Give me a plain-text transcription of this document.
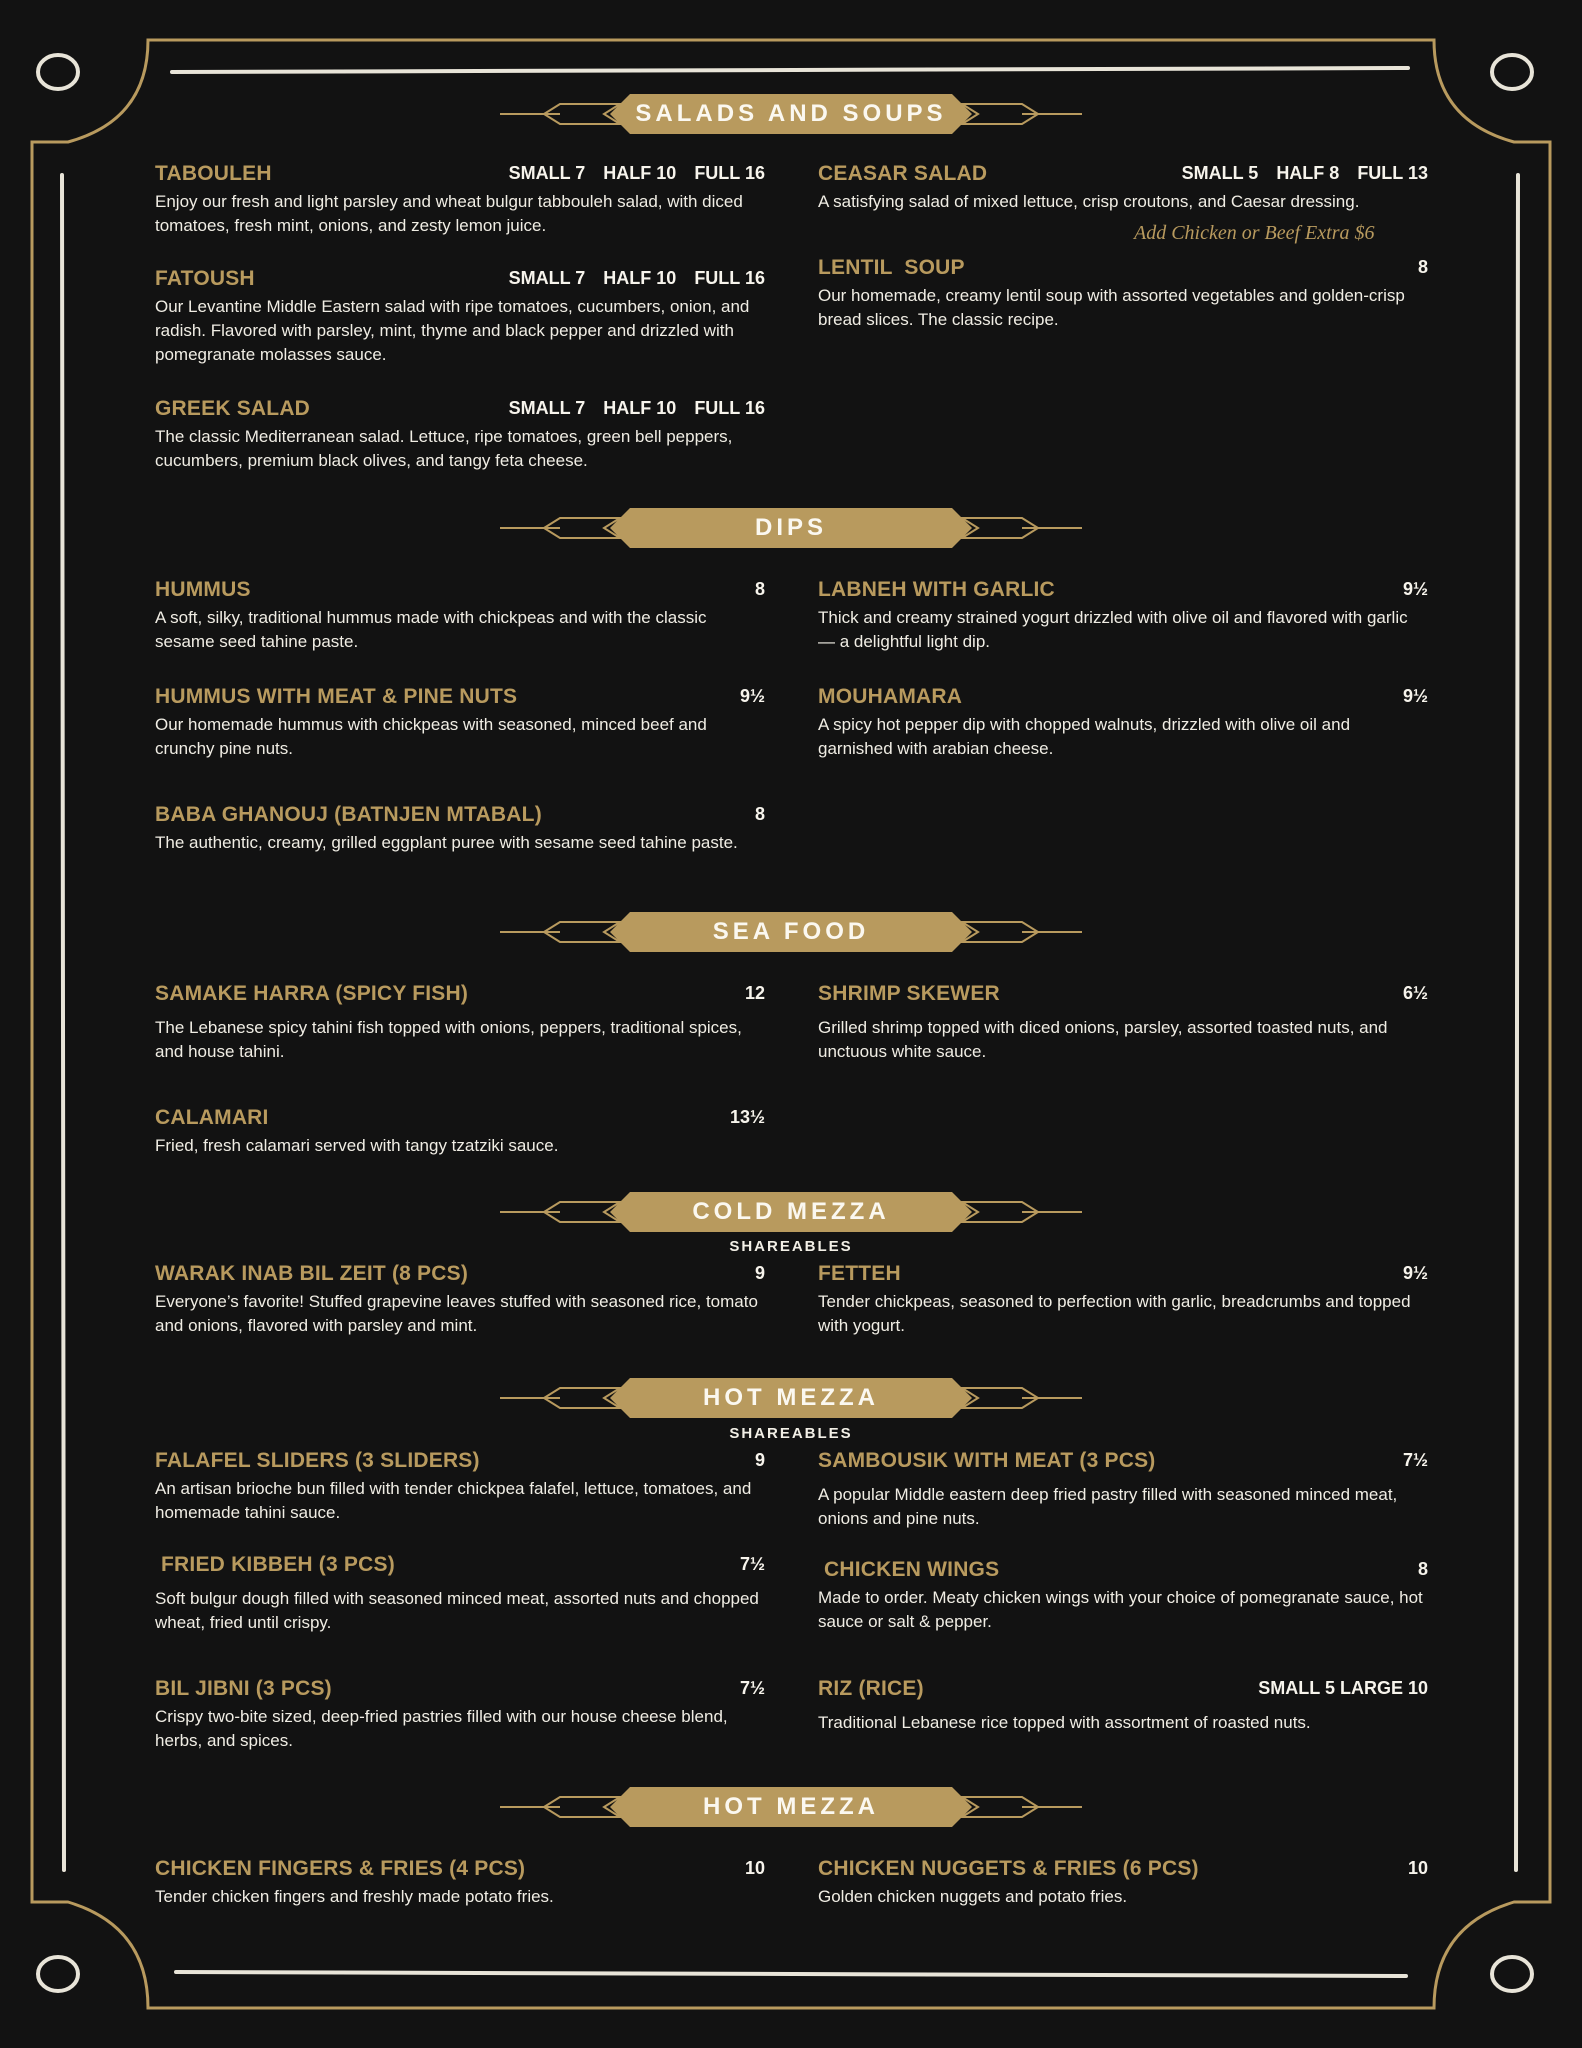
SALADS AND SOUPS
DIPS
SEA FOOD
COLD MEZZA
SHAREABLES
HOT MEZZA
SHAREABLES
HOT MEZZA
TABOULEH	SMALL 7 HALF 10 FULL 16
Enjoy our fresh and light parsley and wheat bulgur tabbouleh salad, with diced tomatoes, fresh mint, onions, and zesty lemon juice.
FATOUSH	SMALL 7 HALF 10 FULL 16
Our Levantine Middle Eastern salad with ripe tomatoes, cucumbers, onion, and radish. Flavored with parsley, mint, thyme and black pepper and drizzled with pomegranate molasses sauce.
GREEK SALAD	SMALL 7 HALF 10 FULL 16
The classic Mediterranean salad. Lettuce, ripe tomatoes, green bell peppers, cucumbers, premium black olives, and tangy feta cheese.
CEASAR SALAD	SMALL 5 HALF 8 FULL 13
A satisfying salad of mixed lettuce, crisp croutons, and Caesar dressing.
Add Chicken or Beef Extra $6
LENTIL  SOUP	8
Our homemade, creamy lentil soup with assorted vegetables and golden-crisp bread slices. The classic recipe.
HUMMUS	8
A soft, silky, traditional hummus made with chickpeas and with the classic sesame seed tahine paste.
HUMMUS WITH MEAT & PINE NUTS	9½
Our homemade hummus with chickpeas with seasoned, minced beef and crunchy pine nuts.
BABA GHANOUJ (BATNJEN MTABAL)	8
The authentic, creamy, grilled eggplant puree with sesame seed tahine paste.
LABNEH WITH GARLIC	9½
Thick and creamy strained yogurt drizzled with olive oil and flavored with garlic — a delightful light dip.
MOUHAMARA	9½
A spicy hot pepper dip with chopped walnuts, drizzled with olive oil and garnished with arabian cheese.
SAMAKE HARRA (SPICY FISH)	12
The Lebanese spicy tahini fish topped with onions, peppers, traditional spices, and house tahini.
CALAMARI	13½
Fried, fresh calamari served with tangy tzatziki sauce.
SHRIMP SKEWER	6½
Grilled shrimp topped with diced onions, parsley, assorted toasted nuts, and unctuous white sauce.
WARAK INAB BIL ZEIT (8 PCS)	9
Everyone’s favorite! Stuffed grapevine leaves stuffed with seasoned rice, tomato and onions, flavored with parsley and mint.
FETTEH	9½
Tender chickpeas, seasoned to perfection with garlic, breadcrumbs and topped with yogurt.
FALAFEL SLIDERS (3 SLIDERS)	9
An artisan brioche bun filled with tender chickpea falafel, lettuce, tomatoes, and homemade tahini sauce.
FRIED KIBBEH (3 PCS)	7½
Soft bulgur dough filled with seasoned minced meat, assorted nuts and chopped wheat, fried until crispy.
BIL JIBNI (3 PCS)	7½
Crispy two-bite sized, deep-fried pastries filled with our house cheese blend, herbs, and spices.
SAMBOUSIK WITH MEAT (3 PCS)	7½
A popular Middle eastern deep fried pastry filled with seasoned minced meat, onions and pine nuts.
CHICKEN WINGS	8
Made to order. Meaty chicken wings with your choice of pomegranate sauce, hot sauce or salt & pepper.
RIZ (RICE)	SMALL 5 LARGE 10
Traditional Lebanese rice topped with assortment of roasted nuts.
CHICKEN FINGERS & FRIES (4 PCS)	10
Tender chicken fingers and freshly made potato fries.
CHICKEN NUGGETS & FRIES (6 PCS)	10
Golden chicken nuggets and potato fries.
